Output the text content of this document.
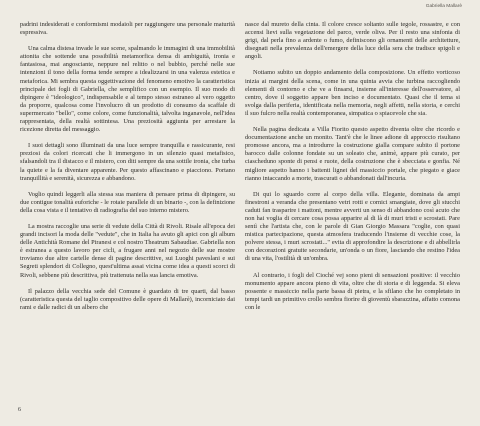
Gabriella Mallarè

padrini indesiderati e conformismi modaioli per raggiungere una personale maturità espressiva.

Una calma distesa invade le sue scene, spalmando le immagini di una immobilità attonita che sottende una possibilità metamorfica densa di ambiguità, ironia e fantasiosa, mai angosciante, neppure nel relitto o nel bubbio, perché nelle sue intenzioni il tono della forma tende sempre a idealizzarsi in una valenza estetica e metaforica. Mi sembra questa oggettivazione del fenomeno emotivo la caratteristica principale dei fogli di Gabriella, che semplifico con un esempio. Il suo modo di dipingere è "ideologico", indispensabile e al tempo stesso estraneo al vero oggetto da proporre, qualcosa come l'involucro di un prodotto di consumo da scaffale di supermercato "bello", come colore, come funzionalità, talvolta inganavole, nell'idea rappresentata, della realtà sottintesa. Una preziosità aggiunta per arrestare la ricezione diretta del messaggio.

I suoi dettagli sono illuminati da una luce sempre tranquilla e rassicurante, resi preziosi da colori ricercati che li immergono in un silenzio quasi metafisico, sfalsandoli tra il distacco e il mistero, con diti sempre da una sottile ironia, che turba la quiete e la fa diventare apparente. Per questo affascinano e piacciono. Portano tranquillità e serenità, sicurezza e abbandono.

Voglio quindi leggerli alla stessa sua maniera di pensare prima di dipingere, su due contigue tonalità euforiche - le rotaie parallele di un binario -, con la definizione della cosa vista e il tentativo di radiografia del suo interno mistero.

La mostra raccoglie una serie di vedute della Città di Rivoli. Risale all'epoca dei grandi incisori la moda delle "vedute", che in Italia ha avuto gli apici con gli album delle Antichità Romane del Piranesi e col nostro Theatrum Sabaudiae. Gabriella non è estranea a questo lavoro per cicli, a frugare anni nel negozio delle sue mostre troviamo due altre cartelle dense di pagine descrittive, sui Luoghi paveslani e sui Segreti splendori di Collegno, quest'ultima assai vicina come idea a questi scorci di Rivoli, sebbene più descrittiva, più trattenuta nella sua lancia emotiva.

Il palazzo della vecchia sede del Comune è guardato di tre quarti, dal basso (caratteristica questa del taglio compositivo delle opere di Mallarè), incorniciato dai rami e dalle radici di un albero che

nasce dal mureto della cinta. Il colore cresce soltanto sulle tegole, rossastre, e con accensi lievi sulla vegetazione del parco, verde oliva. Per il resto una sinfonia di grigi, dal perla fino a ardente o fumo, definiscono gli ornamenti delle architetture, disegnati nella prevalenza dell'emergere della luce della sera che tradisce spigoli e angoli.

Notiamo subito un doppio andamento della composizione. Un effetto vorticoso inizia ai margini della scena, come in una quinta avvia che turbina raccogliendo elementi di contorno e che ve a finsarsi, insieme all'interesse dell'osservatore, al centro, dove il soggetto appare ben inciso e documentato. Quasi che il tema si svolga dalla periferia, identificata nella memoria, negli affetti, nella storia, e cerchi il suo fulcro nella realtà contemporanea, simpatica o spiacevole che sia.

Nella pagina dedicata a Villa Fiorito questo aspetto diventa oltre che ricordo e documentazione anche un monito. Tant'è che le linee adione di approccio risultano promosse ancora, ma a introdurre la costruzione gialla compare subito il portone barocco dalle colonne fondate su un soleato che, animè, appare più curato, per ciascheduno sponte di pensi e ruote, della costruzione che è sbecciata e gonfia. Né migliore aspetto hanno i battenti lignei del massiccio portale, che piegato e giace rianno intaccando a morte, trascurati o abbandonati dall'incuria.

Di qui lo sguardo corre al corpo della villa. Elegante, dominata da ampi finestroni a veranda che presentano vetri rotti e cornici smangiate, dove gli stucchi caduti fan trasparire i mattoni, mentre avverti un senso di abbandono così acuto che non hai voglia di cercare cosa possa apparire al di là di muri tristi e scrostati. Pare sentì che l'artista che, con le parole di Gian Giorgio Massara "coglie, con quasi mistica partecipazione, questa atmosfera traducendo l'insieme di vecchie cose, la polvere stessa, i muri scrostati..." evita di approfondire la descrizione e di abbellirla con decorazioni gratuite secondarie, un'onda o un fiore, lasciando che restino l'idea di una vita, l'ostilità di un'ombra.

Al contrario, i fogli del Cioché vej sono pieni di sensazioni positive: il vecchio monumento appare ancora pieno di vita, oltre che di storia e di leggenda. Si eleva possente e massiccio nella parte bassa di pietra, e la sfilano che ho completato in tempi tardi un primitivo crollo sembra fiorire di gioventù sbarazzina, affatto comona con le

6
